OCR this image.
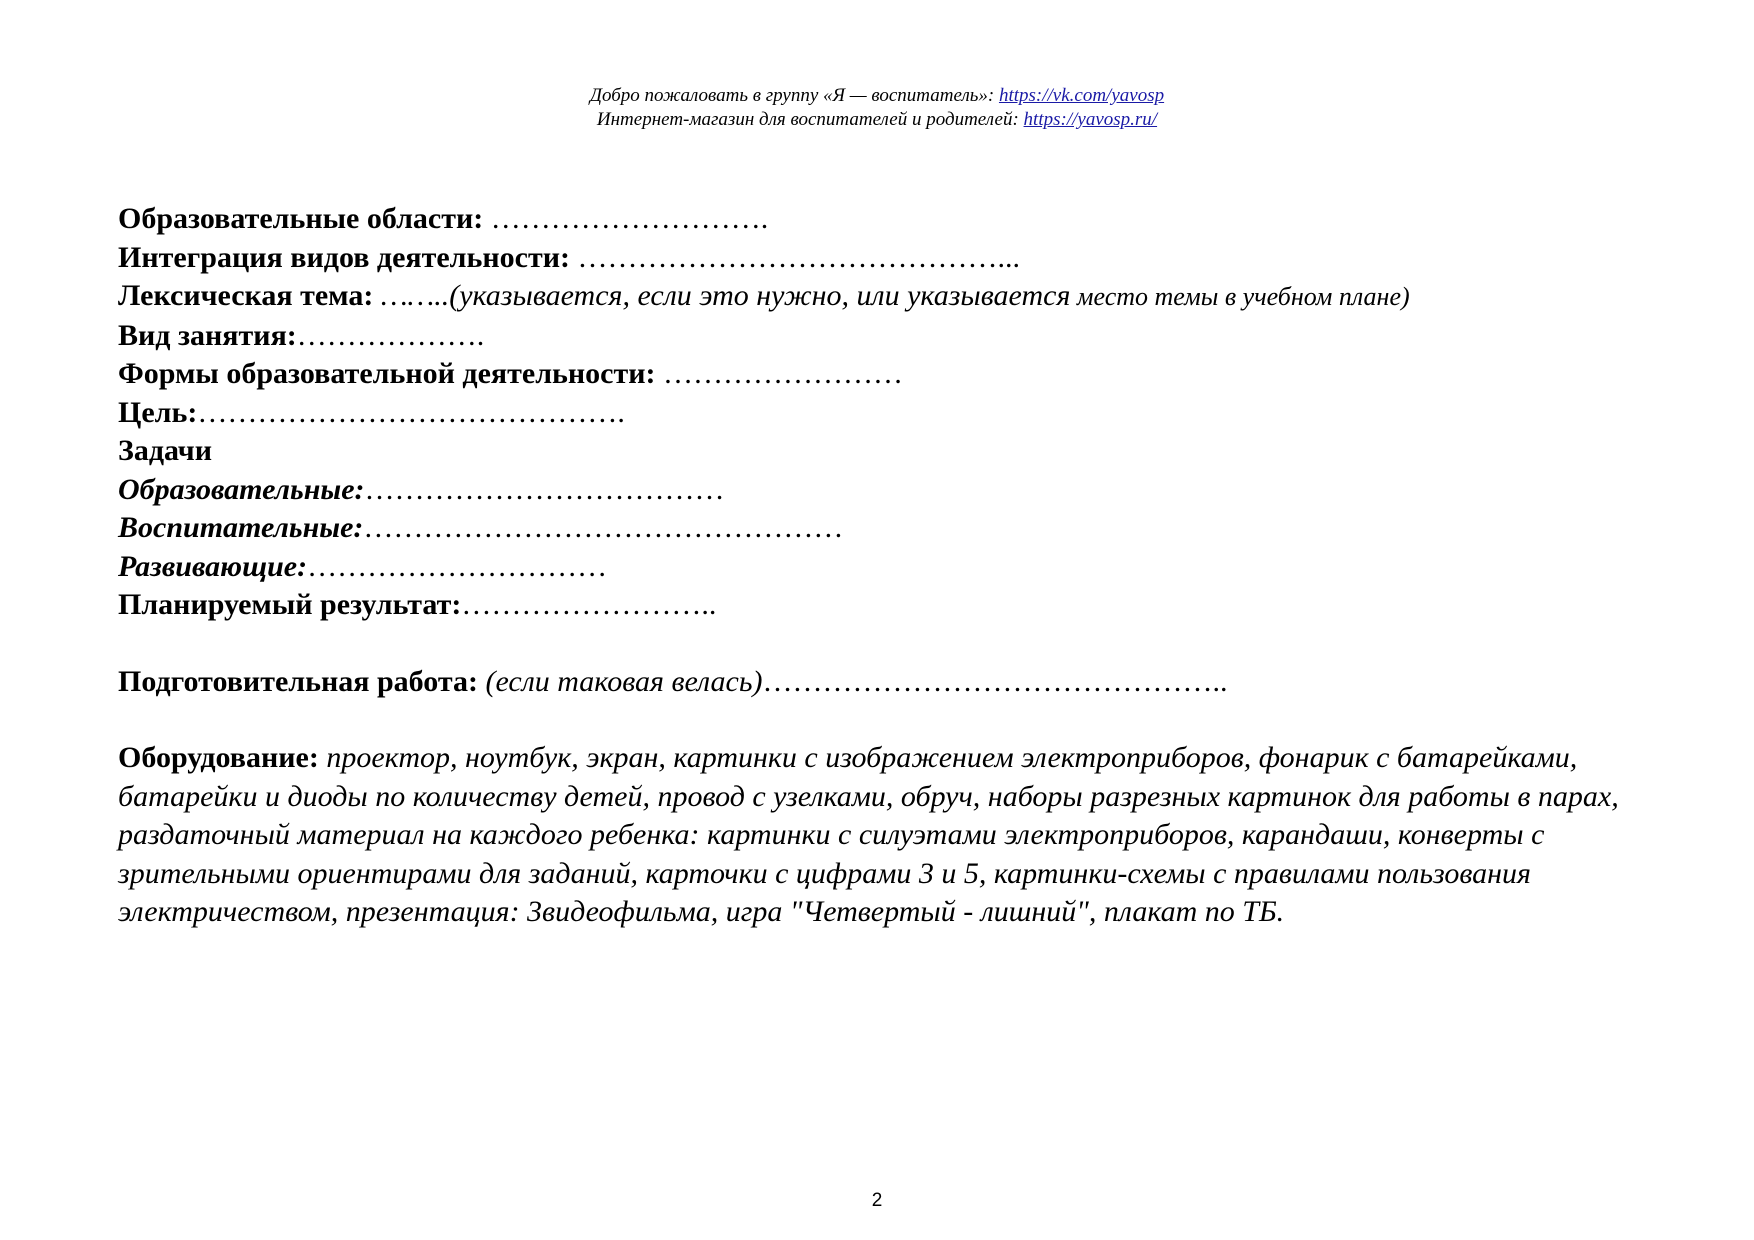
Добро пожаловать в группу «Я — воспитатель»: https://vk.com/yavosp
Интернет-магазин для воспитателей и родителей: https://yavosp.ru/
Образовательные области: ……………………….
Интеграция видов деятельности: ……………………………………...
Лексическая тема: ……..(указывается, если это нужно, или указывается место темы в учебном плане)
Вид занятия:……………….
Формы образовательной деятельности: ……………………
Цель:…………………………………….
Задачи
Образовательные:………………………………
Воспитательные:…………………………………………
Развивающие:…………………………
Планируемый результат:……………………..
Подготовительная работа: (если таковая велась)………………………………………..
Оборудование: проектор, ноутбук, экран, картинки с изображением электроприборов, фонарик с батарейками, батарейки и диоды по количеству детей, провод с узелками, обруч, наборы разрезных картинок для работы в парах, раздаточный материал на каждого ребенка: картинки с силуэтами электроприборов, карандаши, конверты с зрительными ориентирами для заданий, карточки с цифрами 3 и 5, картинки-схемы с правилами пользования электричеством, презентация: 3видеофильма, игра "Четвертый - лишний", плакат по ТБ.
2
